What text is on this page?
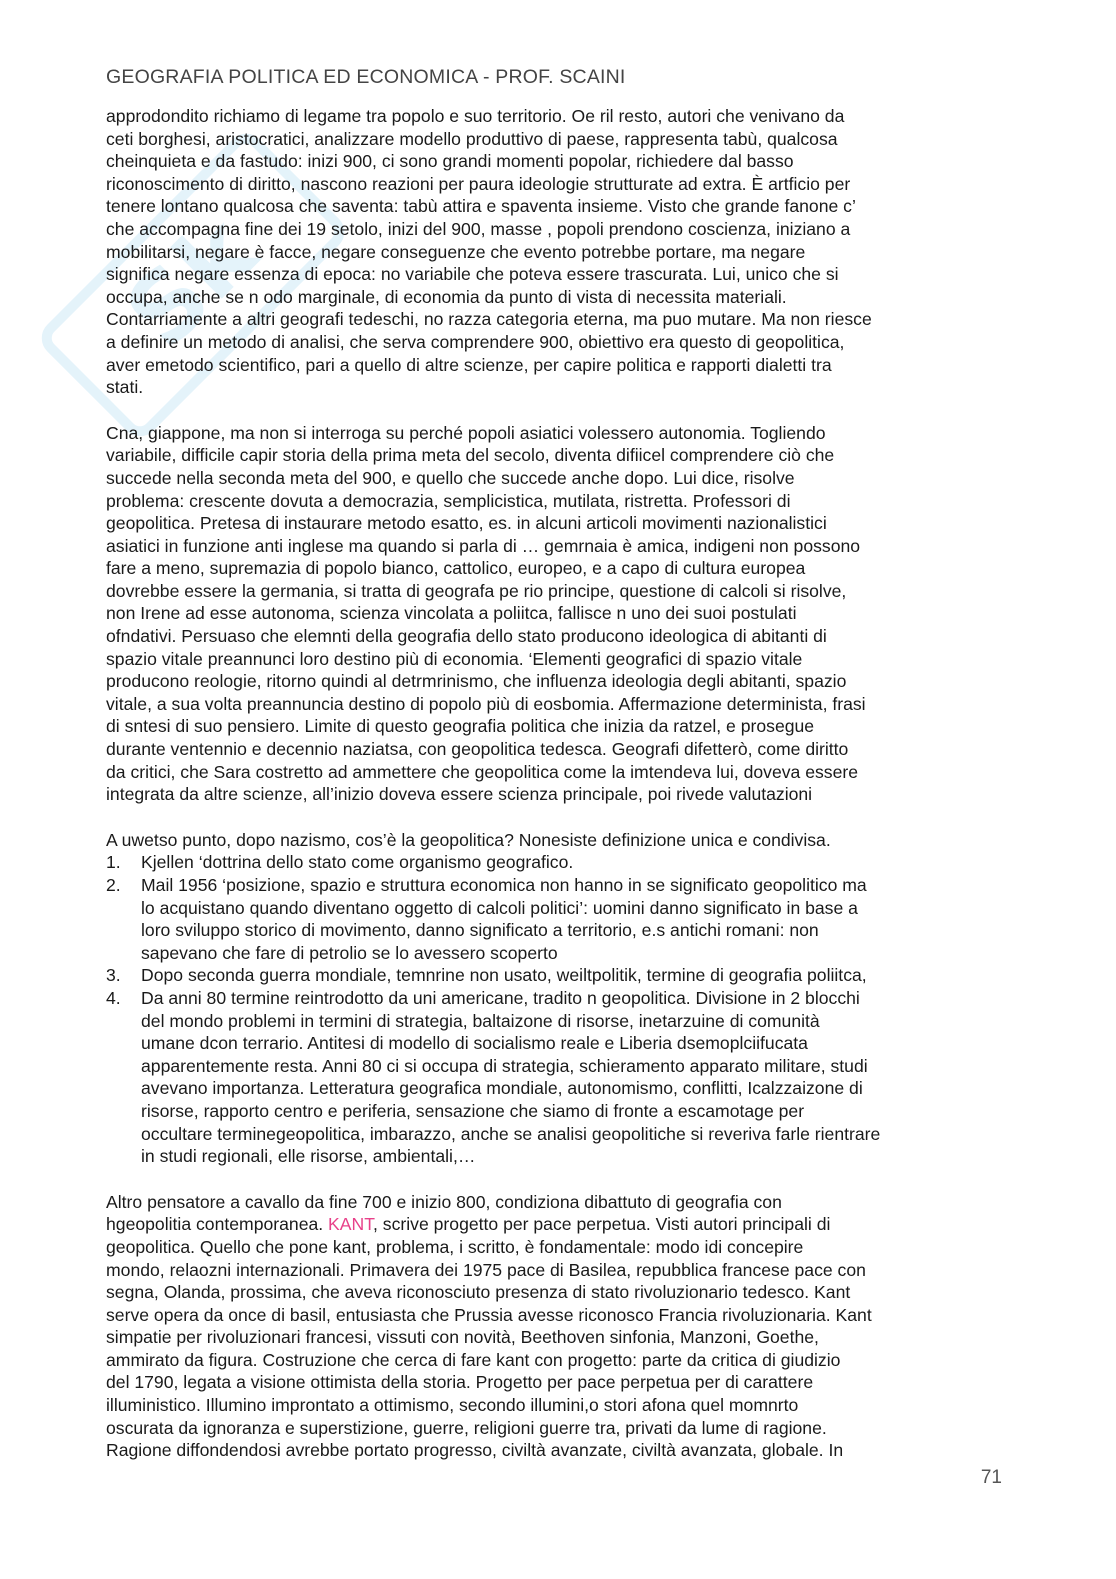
Sk
GEOGRAFIA POLITICA ED ECONOMICA - PROF. SCAINI

approdondito richiamo di legame tra popolo e suo territorio. Oe ril resto, autori che venivano da
ceti borghesi, aristocratici, analizzare modello produttivo di paese, rappresenta tabù, qualcosa
cheinquieta e da fastudo: inizi 900, ci sono grandi momenti popolar, richiedere dal basso
riconoscimento di diritto, nascono reazioni per paura ideologie strutturate ad extra. È artficio per
tenere lontano qualcosa che saventa: tabù attira e spaventa insieme. Visto che grande fanone c’
che accompagna fine dei 19 setolo, inizi del 900, masse , popoli prendono coscienza, iniziano a
mobilitarsi, negare è facce, negare conseguenze che evento potrebbe portare, ma negare
significa negare essenza di epoca: no variabile che poteva essere trascurata. Lui, unico che si
occupa, anche se n odo marginale, di economia da punto di vista di necessita materiali.
Contarriamente a altri geografi tedeschi, no razza categoria eterna, ma puo mutare. Ma non riesce
a definire un metodo di analisi, che serva comprendere 900, obiettivo era questo di geopolitica,
aver emetodo scientifico, pari a quello di altre scienze, per capire politica e rapporti dialetti tra
stati.

Cna, giappone, ma non si interroga su perché popoli asiatici volessero autonomia. Togliendo
variabile, difficile capir storia della prima meta del secolo, diventa difiicel comprendere ciò che
succede nella seconda meta del 900, e quello che succede anche dopo. Lui dice, risolve
problema: crescente dovuta a democrazia, semplicistica, mutilata, ristretta. Professori di
geopolitica. Pretesa di instaurare metodo esatto, es. in alcuni articoli movimenti nazionalistici
asiatici in funzione anti inglese ma quando si parla di … gemrnaia è amica, indigeni non possono
fare a meno, supremazia di popolo bianco, cattolico, europeo, e a capo di cultura europea
dovrebbe essere la germania, si tratta di geografa pe rio principe, questione di calcoli si risolve,
non Irene ad esse autonoma, scienza vincolata a poliitca, fallisce n uno dei suoi postulati
ofndativi. Persuaso che elemnti della geografia dello stato producono ideologica di abitanti di
spazio vitale preannunci loro destino più di economia. ‘Elementi geografici di spazio vitale
producono reologie, ritorno quindi al detrmrinismo, che influenza ideologia degli abitanti, spazio
vitale, a sua volta preannuncia destino di popolo più di eosbomia. Affermazione determinista, frasi
di sntesi di suo pensiero. Limite di questo geografia politica che inizia da ratzel, e prosegue
durante ventennio e decennio naziatsa, con geopolitica tedesca. Geografi difetterò, come diritto
da critici, che Sara costretto ad ammettere che geopolitica come la imtendeva lui, doveva essere
integrata da altre scienze, all’inizio doveva essere scienza principale, poi rivede valutazioni

A uwetso punto, dopo nazismo, cos’è la geopolitica? Nonesiste definizione unica e condivisa.

1. Kjellen ‘dottrina dello stato come organismo geografico.
2. Mail 1956 ‘posizione, spazio e struttura economica non hanno in se significato geopolitico ma
lo acquistano quando diventano oggetto di calcoli politici’: uomini danno significato in base a
loro sviluppo storico di movimento, danno significato a territorio, e.s antichi romani: non
sapevano che fare di petrolio se lo avessero scoperto
3. Dopo seconda guerra mondiale, temnrine non usato, weiltpolitik, termine di geografia poliitca,
4. Da anni 80 termine reintrodotto da uni americane, tradito n geopolitica. Divisione in 2 blocchi
del mondo problemi in termini di strategia, baltaizone di risorse, inetarzuine di comunità
umane dcon terrario. Antitesi di modello di socialismo reale e Liberia dsemoplciifucata
apparentemente resta. Anni 80 ci si occupa di strategia, schieramento apparato militare, studi
avevano importanza. Letteratura geografica mondiale, autonomismo, conflitti, Icalzzaizone di
risorse, rapporto centro e periferia, sensazione che siamo di fronte a escamotage per
occultare terminegeopolitica, imbarazzo, anche se analisi geopolitiche si reveriva farle rientrare
in studi regionali, elle risorse, ambientali,…

Altro pensatore a cavallo da fine 700 e inizio 800, condiziona dibattuto di geografia con
hgeopolitia contemporanea. KANT, scrive progetto per pace perpetua. Visti autori principali di
geopolitica. Quello che pone kant, problema, i scritto, è fondamentale: modo idi concepire
mondo, relaozni internazionali. Primavera dei 1975 pace di Basilea, repubblica francese pace con
segna, Olanda, prossima, che aveva riconosciuto presenza di stato rivoluzionario tedesco. Kant
serve opera da once di basil, entusiasta che Prussia avesse riconosco Francia rivoluzionaria. Kant
simpatie per rivoluzionari francesi, vissuti con novità, Beethoven sinfonia, Manzoni, Goethe,
ammirato da figura. Costruzione che cerca di fare kant con progetto: parte da critica di giudizio
del 1790, legata a visione ottimista della storia. Progetto per pace perpetua per di carattere
illuministico. Illumino improntato a ottimismo, secondo illumini,o stori afona quel momnrto
oscurata da ignoranza e superstizione, guerre, religioni guerre tra, privati da lume di ragione.
Ragione diffondendosi avrebbe portato progresso, civiltà avanzate, civiltà avanzata, globale. In

71
